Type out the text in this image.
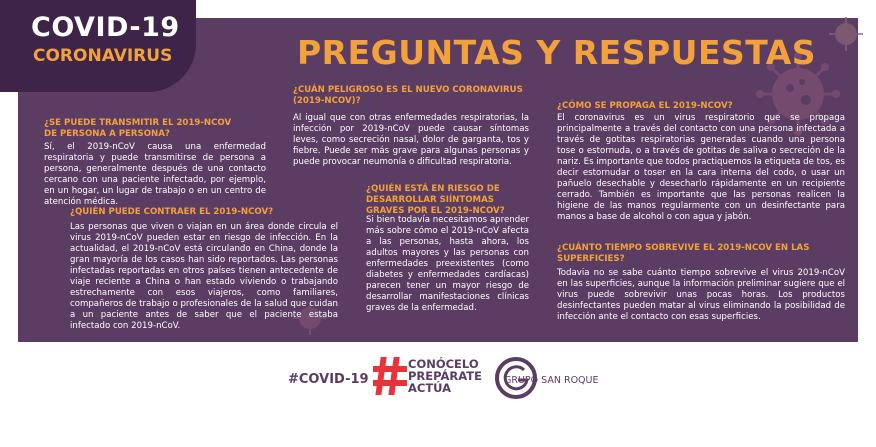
COVID-19
CORONAVIRUS	PREGUNTAS Y RESPUESTAS
¿SE PUEDE TRANSMITIR EL 2019-NCOV DE PERSONA A PERSONA?
Sí, el 2019-nCoV causa una enfermedad respiratoria y puede transmitirse de persona a persona, generalmente después de una contacto cercano con una paciente infectado, por ejemplo, en un hogar, un lugar de trabajo o en un centro de atención médica.
¿QUIÉN PUEDE CONTRAER EL 2019-NCOV?
Las personas que viven o viajan en un área donde circula el virus 2019-nCoV pueden estar en riesgo de infección. En la actualidad, el 2019-nCoV está circulando en China, donde la gran mayoría de los casos han sido reportados. Las personas infectadas reportadas en otros países tienen antecedente de viaje reciente a China o han estado viviendo o trabajando estrechamente con esos viajeros, como familiares, compañeros de trabajo o profesionales de la salud que cuidan a un paciente antes de saber que el paciente estaba infectado con 2019-nCoV.
¿CUÁN PELIGROSO ES EL NUEVO CORONAVIRUS (2019-NCOV)?
Al igual que con otras enfermedades respiratorias, la infección por 2019-nCoV puede causar síntomas leves, como secreción nasal, dolor de garganta, tos y fiebre. Puede ser más grave para algunas personas y puede provocar neumonía o dificultad respiratoria.
¿QUIÉN ESTÁ EN RIESGO DE DESARROLLAR SIÍNTOMAS GRAVES POR EL 2019-NCOV?
Si bien todavía necesitamos aprender más sobre cómo el 2019-nCoV afecta a las personas, hasta ahora, los adultos mayores y las personas con enfermedades preexistentes (como diabetes y enfermedades cardíacas) parecen tener un mayor riesgo de desarrollar manifestaciones clínicas graves de la enfermedad.
¿CÓMO SE PROPAGA EL 2019-NCOV?
El coronavirus es un virus respiratorio que se propaga principalmente a través del contacto con una persona infectada a través de gotitas respiratorias generadas cuando una persona tose o estornuda, o a través de gotitas de saliva o secreción de la nariz. Es importante que todos practiquemos la etiqueta de tos, es decir estornudar o toser en la cara interna del codo, o usar un pañuelo desechable y desecharlo rápidamente en un recipiente cerrado. También es importante que las personas realicen la higiene de las manos regularmente con un desinfectante para manos a base de alcohol o con agua y jabón.
¿CUÁNTO TIEMPO SOBREVIVE EL 2019-NCOV EN LAS SUPERFICIES?
Todavia no se sabe cuánto tiempo sobrevive el virus 2019-nCoV en las superficies, aunque la información preliminar sugiere que el virus puede sobrevivir unas pocas horas. Los productos desinfectantes pueden matar al virus eliminando la posibilidad de infección ante el contacto con esas superficies.
#COVID-19
CONÓCELO
PREPÁRATE
ACTÚA
GRUPO SAN ROQUE
